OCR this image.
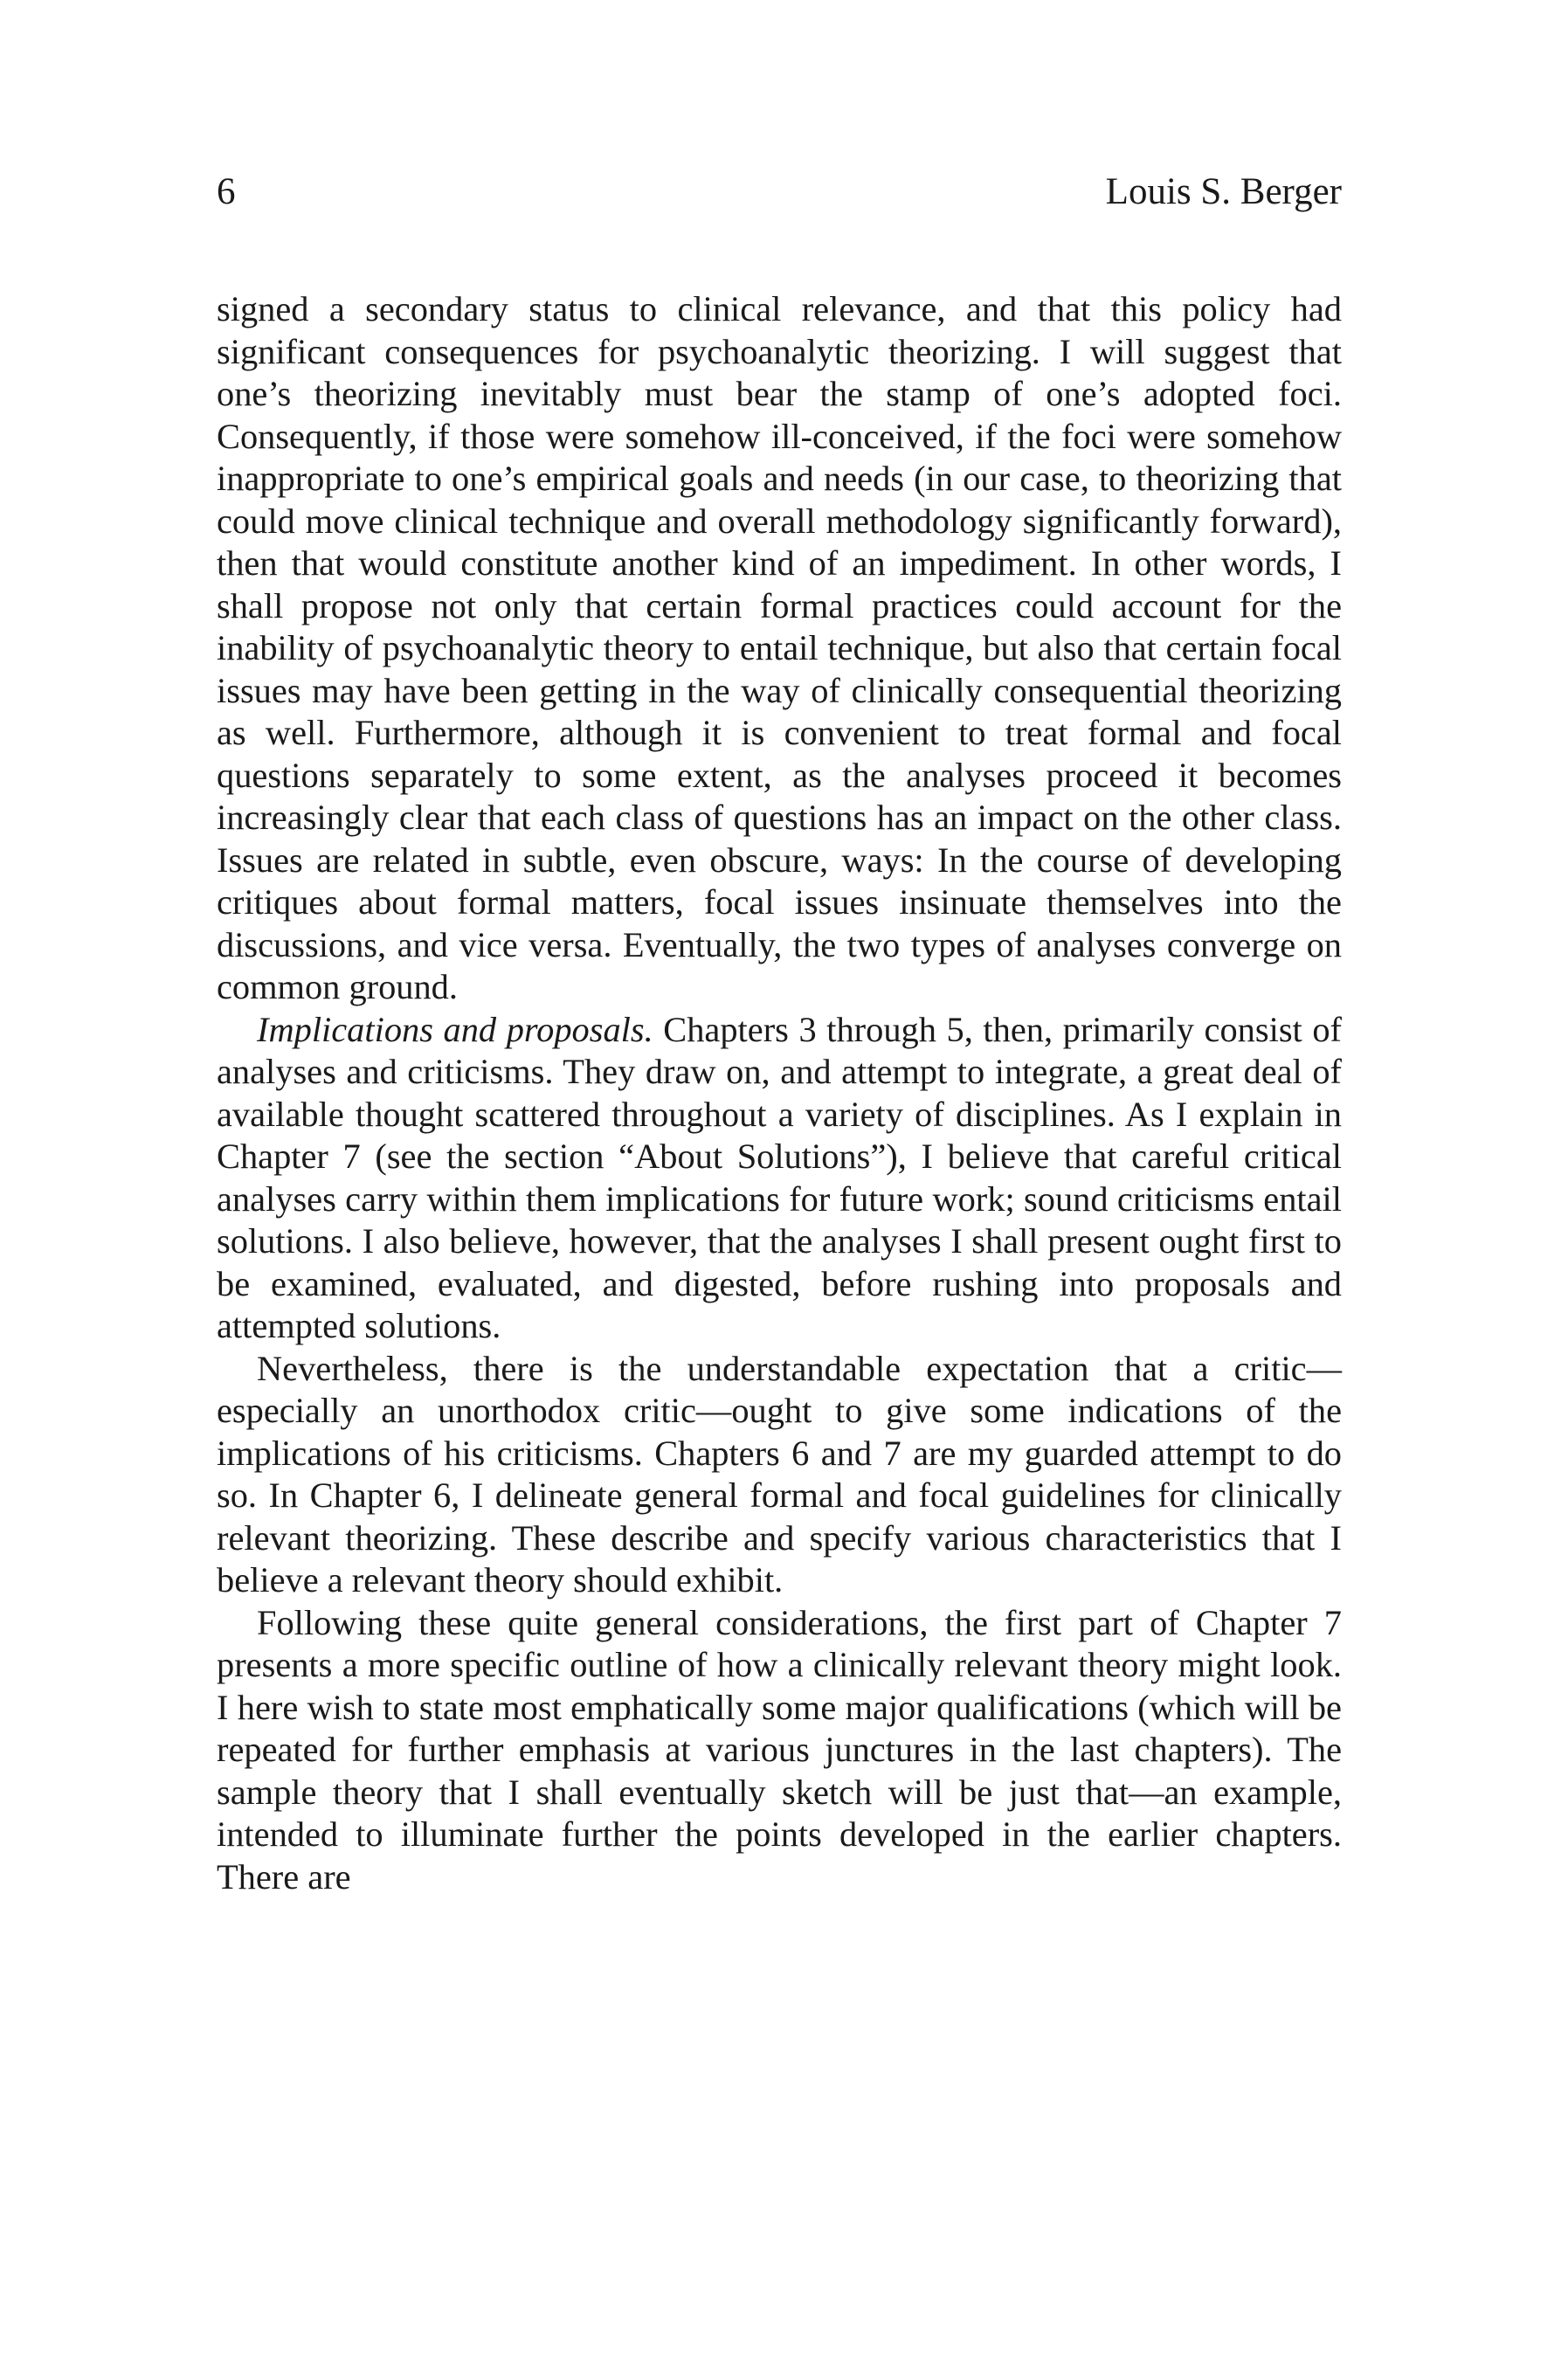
6	Louis S. Berger

signed a secondary status to clinical relevance, and that this policy had significant consequences for psychoanalytic theorizing. I will suggest that one’s theorizing inevitably must bear the stamp of one’s adopted foci. Consequently, if those were somehow ill-conceived, if the foci were somehow inappropriate to one’s empirical goals and needs (in our case, to theorizing that could move clinical technique and overall methodology significantly forward), then that would constitute another kind of an impediment. In other words, I shall propose not only that certain formal practices could account for the inability of psychoanalytic theory to entail technique, but also that certain focal issues may have been getting in the way of clinically consequential theorizing as well. Furthermore, although it is convenient to treat formal and focal questions separately to some extent, as the analyses proceed it becomes increasingly clear that each class of questions has an impact on the other class. Issues are related in subtle, even obscure, ways: In the course of developing critiques about formal matters, focal issues insinuate themselves into the discussions, and vice versa. Eventually, the two types of analyses converge on common ground.

Implications and proposals. Chapters 3 through 5, then, primarily consist of analyses and criticisms. They draw on, and attempt to integrate, a great deal of available thought scattered throughout a variety of disciplines. As I explain in Chapter 7 (see the section “About Solutions”), I believe that careful critical analyses carry within them implications for future work; sound criticisms entail solutions. I also believe, however, that the analyses I shall present ought first to be examined, evaluated, and digested, before rushing into proposals and attempted solutions.

Nevertheless, there is the understandable expectation that a critic—especially an unorthodox critic—ought to give some indications of the implications of his criticisms. Chapters 6 and 7 are my guarded attempt to do so. In Chapter 6, I delineate general formal and focal guidelines for clinically relevant theorizing. These describe and specify various characteristics that I believe a relevant theory should exhibit.

Following these quite general considerations, the first part of Chapter 7 presents a more specific outline of how a clinically relevant theory might look. I here wish to state most emphatically some major qualifications (which will be repeated for further emphasis at various junctures in the last chapters). The sample theory that I shall eventually sketch will be just that—an example, intended to illuminate further the points developed in the earlier chapters. There are
